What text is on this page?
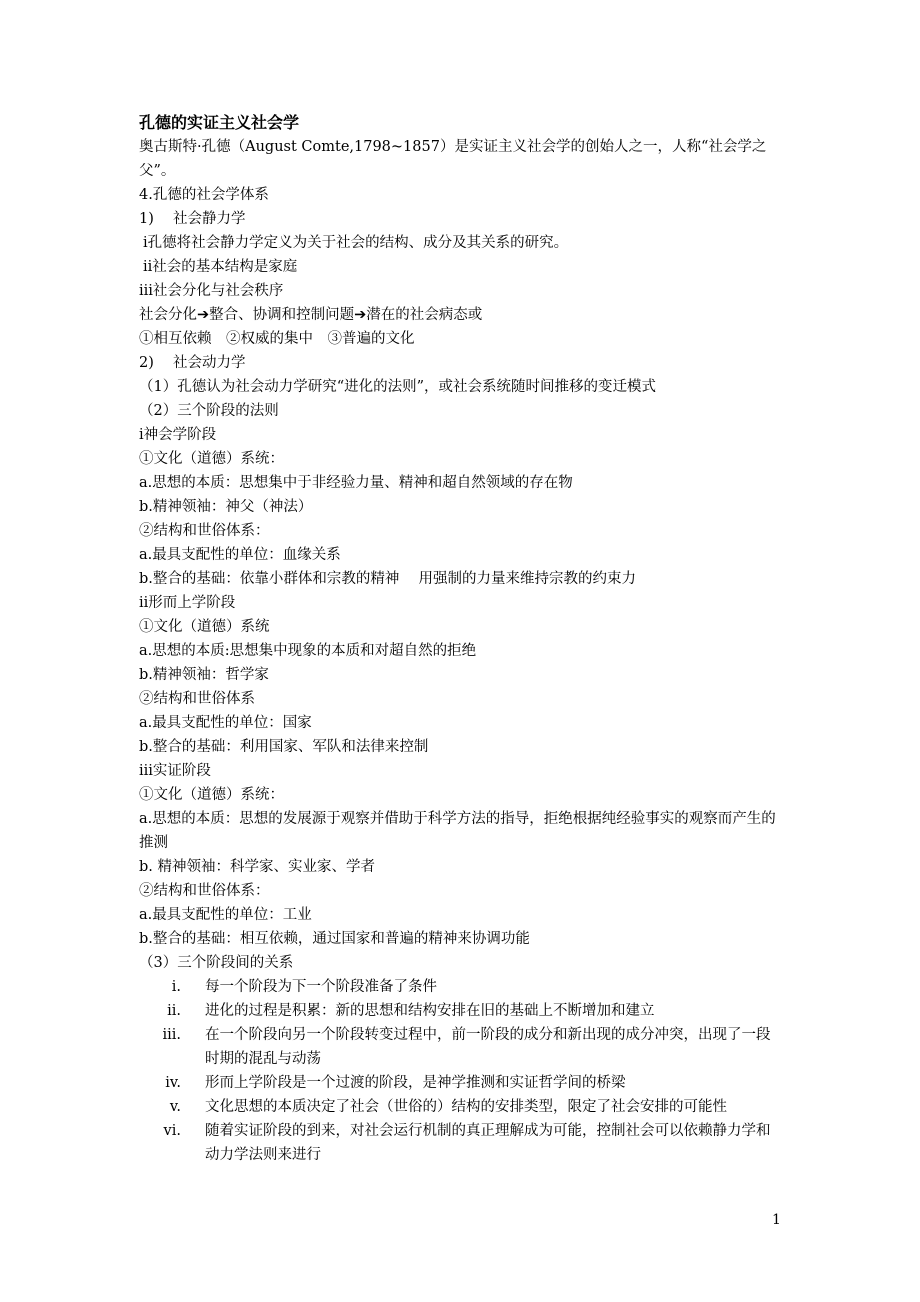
孔德的实证主义社会学

奥古斯特·孔德（August Comte,1798~1857）是实证主义社会学的创始人之一，人称“社会学之父”。

4.孔德的社会学体系

1)　 社会静力学

ⅰ孔德将社会静力学定义为关于社会的结构、成分及其关系的研究。

ⅱ社会的基本结构是家庭

ⅲ社会分化与社会秩序

社会分化➔整合、协调和控制问题➔潜在的社会病态或

①相互依赖　②权威的集中　③普遍的文化

2)　 社会动力学

（1）孔德认为社会动力学研究“进化的法则”，或社会系统随时间推移的变迁模式

（2）三个阶段的法则

ⅰ神会学阶段

①文化（道德）系统：

a.思想的本质：思想集中于非经验力量、精神和超自然领域的存在物

b.精神领袖：神父（神法）

②结构和世俗体系：

a.最具支配性的单位：血缘关系

b.整合的基础：依靠小群体和宗教的精神　 用强制的力量来维持宗教的约束力

ⅱ形而上学阶段

①文化（道德）系统

a.思想的本质:思想集中现象的本质和对超自然的拒绝

b.精神领袖：哲学家

②结构和世俗体系

a.最具支配性的单位：国家

b.整合的基础：利用国家、军队和法律来控制

ⅲ实证阶段

①文化（道德）系统：

a.思想的本质：思想的发展源于观察并借助于科学方法的指导，拒绝根据纯经验事实的观察而产生的推测

b. 精神领袖：科学家、实业家、学者

②结构和世俗体系：

a.最具支配性的单位：工业

b.整合的基础：相互依赖，通过国家和普遍的精神来协调功能

（3）三个阶段间的关系

i. 每一个阶段为下一个阶段准备了条件

ii. 进化的过程是积累：新的思想和结构安排在旧的基础上不断增加和建立

iii. 在一个阶段向另一个阶段转变过程中，前一阶段的成分和新出现的成分冲突，出现了一段时期的混乱与动荡

iv. 形而上学阶段是一个过渡的阶段，是神学推测和实证哲学间的桥梁

v. 文化思想的本质决定了社会（世俗的）结构的安排类型，限定了社会安排的可能性

vi. 随着实证阶段的到来，对社会运行机制的真正理解成为可能，控制社会可以依赖静力学和动力学法则来进行

1
